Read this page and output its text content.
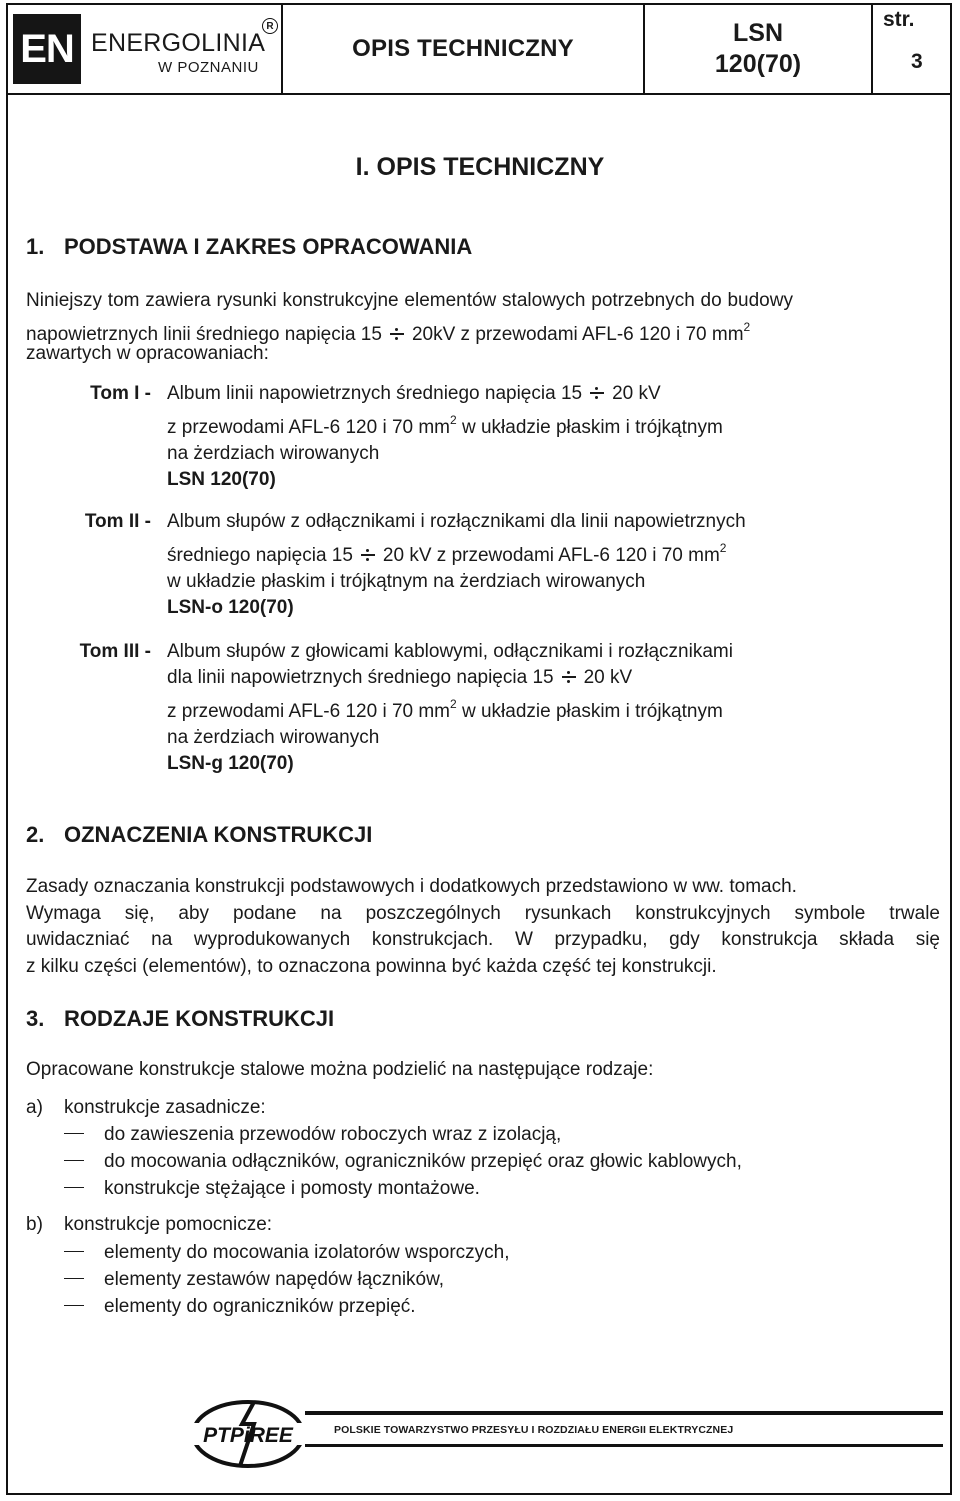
EN ENERGOLINIA
R
W POZNANIU
OPIS TECHNICZNY
LSN
120(70)
str.
3
I. OPIS TECHNICZNY
1. PODSTAWA I ZAKRES OPRACOWANIA
Niniejszy tom zawiera rysunki konstrukcyjne elementów stalowych potrzebnych do budowy
napowietrznych linii średniego napięcia 15 20kV z przewodami AFL-6 120 i 70 $mm^2$
zawartych w opracowaniach:
Tom I - Album linii napowietrznych średniego napięcia 15 20 kV
z przewodami AFL-6 120 i 70 $mm^2$ w układzie płaskim i trójkątnym
na żerdziach wirowanych
LSN 120(70)
Tom II - Album słupów z odłącznikami i rozłącznikami dla linii napowietrznych
średniego napięcia 15 20 kV z przewodami AFL-6 120 i 70 $mm^2$
w układzie płaskim i trójkątnym na żerdziach wirowanych
LSN-o 120(70)
Tom III - Album słupów z głowicami kablowymi, odłącznikami i rozłącznikami
dla linii napowietrznych średniego napięcia 15 20 kV
z przewodami AFL-6 120 i 70 $mm^2$ w układzie płaskim i trójkątnym
na żerdziach wirowanych
LSN-g 120(70)
2. OZNACZENIA KONSTRUKCJI
Zasady oznaczania konstrukcji podstawowych i dodatkowych przedstawiono w ww. tomach.
Wymaga się, aby podane na poszczególnych rysunkach konstrukcyjnych symbole trwale
uwidaczniać na wyprodukowanych konstrukcjach. W przypadku, gdy konstrukcja składa się
z kilku części (elementów), to oznaczona powinna być każda część tej konstrukcji.
3. RODZAJE KONSTRUKCJI
Opracowane konstrukcje stalowe można podzielić na następujące rodzaje:
a) konstrukcje zasadnicze:
do zawieszenia przewodów roboczych wraz z izolacją,
do mocowania odłączników, ograniczników przepięć oraz głowic kablowych,
konstrukcje stężające i pomosty montażowe.
b) konstrukcje pomocnicze:
elementy do mocowania izolatorów wsporczych,
elementy zestawów napędów łączników,
elementy do ograniczników przepięć.
PTPiREE	POLSKIE TOWARZYSTWO PRZESYŁU I ROZDZIAŁU ENERGII ELEKTRYCZNEJ
